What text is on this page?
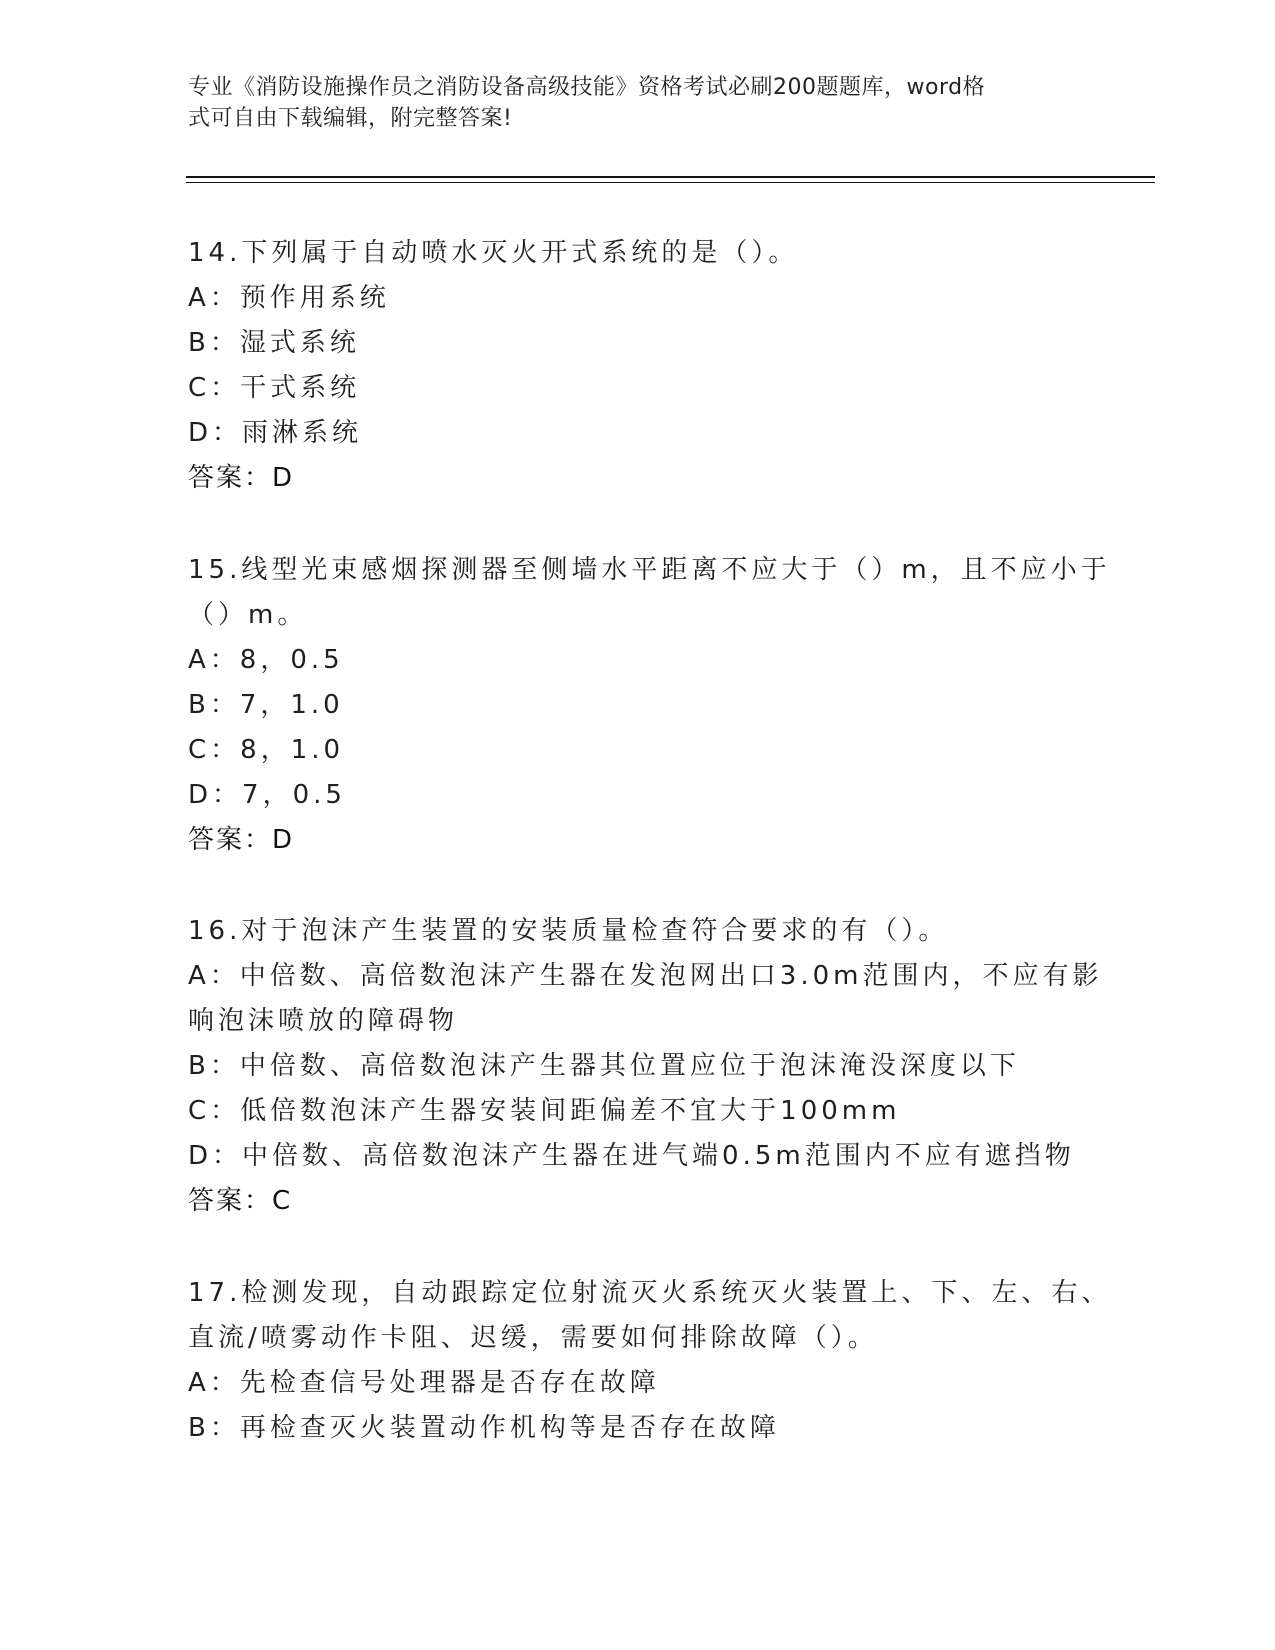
专业《消防设施操作员之消防设备高级技能》资格考试必刷200题题库，word格
式可自由下载编辑，附完整答案!
14.下列属于自动喷水灭火开式系统的是（）。
A：预作用系统
B：湿式系统
C：干式系统
D：雨淋系统
答案：D
15.线型光束感烟探测器至侧墙水平距离不应大于（）m，且不应小于
（）m。
A：8，0.5
B：7，1.0
C：8，1.0
D：7，0.5
答案：D
16.对于泡沫产生装置的安装质量检查符合要求的有（）。
A：中倍数、高倍数泡沫产生器在发泡网出口3.0m范围内，不应有影
响泡沫喷放的障碍物
B：中倍数、高倍数泡沫产生器其位置应位于泡沫淹没深度以下
C：低倍数泡沫产生器安装间距偏差不宜大于100mm
D：中倍数、高倍数泡沫产生器在进气端0.5m范围内不应有遮挡物
答案：C
17.检测发现，自动跟踪定位射流灭火系统灭火装置上、下、左、右、
直流/喷雾动作卡阻、迟缓，需要如何排除故障（）。
A：先检查信号处理器是否存在故障
B：再检查灭火装置动作机构等是否存在故障
